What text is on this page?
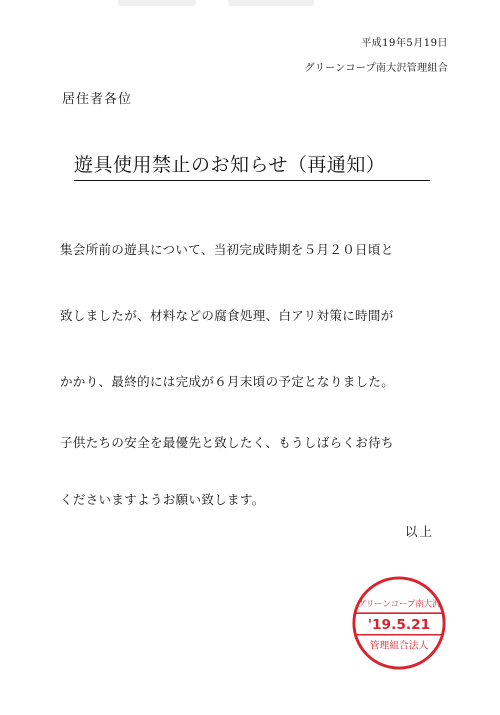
平成19年5月19日
グリーンコープ南大沢管理組合
居住者各位
遊具使用禁止のお知らせ（再通知）
集会所前の遊具について、当初完成時期を５月２０日頃と
致しましたが、材料などの腐食処理、白アリ対策に時間が
かかり、最終的には完成が６月末頃の予定となりました。
子供たちの安全を最優先と致したく、もうしばらくお待ち
くださいますようお願い致します。
以上
グリーンコープ南大沢
'19.5.21
管理組合法人
